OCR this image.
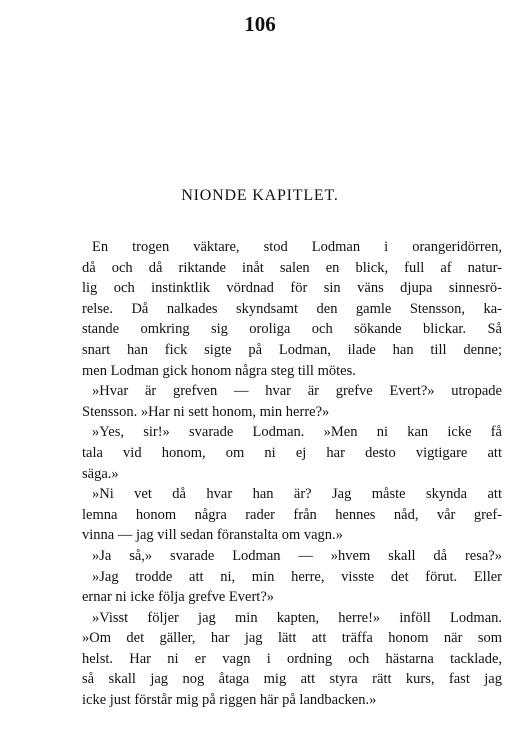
106
NIONDE KAPITLET.
En trogen väktare, stod Lodman i orangeridörren,
då och då riktande inåt salen en blick, full af natur-
lig och instinktlik vördnad för sin väns djupa sinnesrö-
relse. Då nalkades skyndsamt den gamle Stensson, ka-
stande omkring sig oroliga och sökande blickar. Så
snart han fick sigte på Lodman, ilade han till denne;
men Lodman gick honom några steg till mötes.
»Hvar är grefven — hvar är grefve Evert?» utropade
Stensson. »Har ni sett honom, min herre?»
»Yes, sir!» svarade Lodman. »Men ni kan icke få
tala vid honom, om ni ej har desto vigtigare att
säga.»
»Ni vet då hvar han är? Jag måste skynda att
lemna honom några rader från hennes nåd, vår gref-
vinna — jag vill sedan föranstalta om vagn.»
»Ja så,» svarade Lodman — »hvem skall då resa?»
»Jag trodde att ni, min herre, visste det förut. Eller
ernar ni icke följa grefve Evert?»
»Visst följer jag min kapten, herre!» inföll Lodman.
»Om det gäller, har jag lätt att träffa honom när som
helst. Har ni er vagn i ordning och hästarna tacklade,
så skall jag nog åtaga mig att styra rätt kurs, fast jag
icke just förstår mig på riggen här på landbacken.»
